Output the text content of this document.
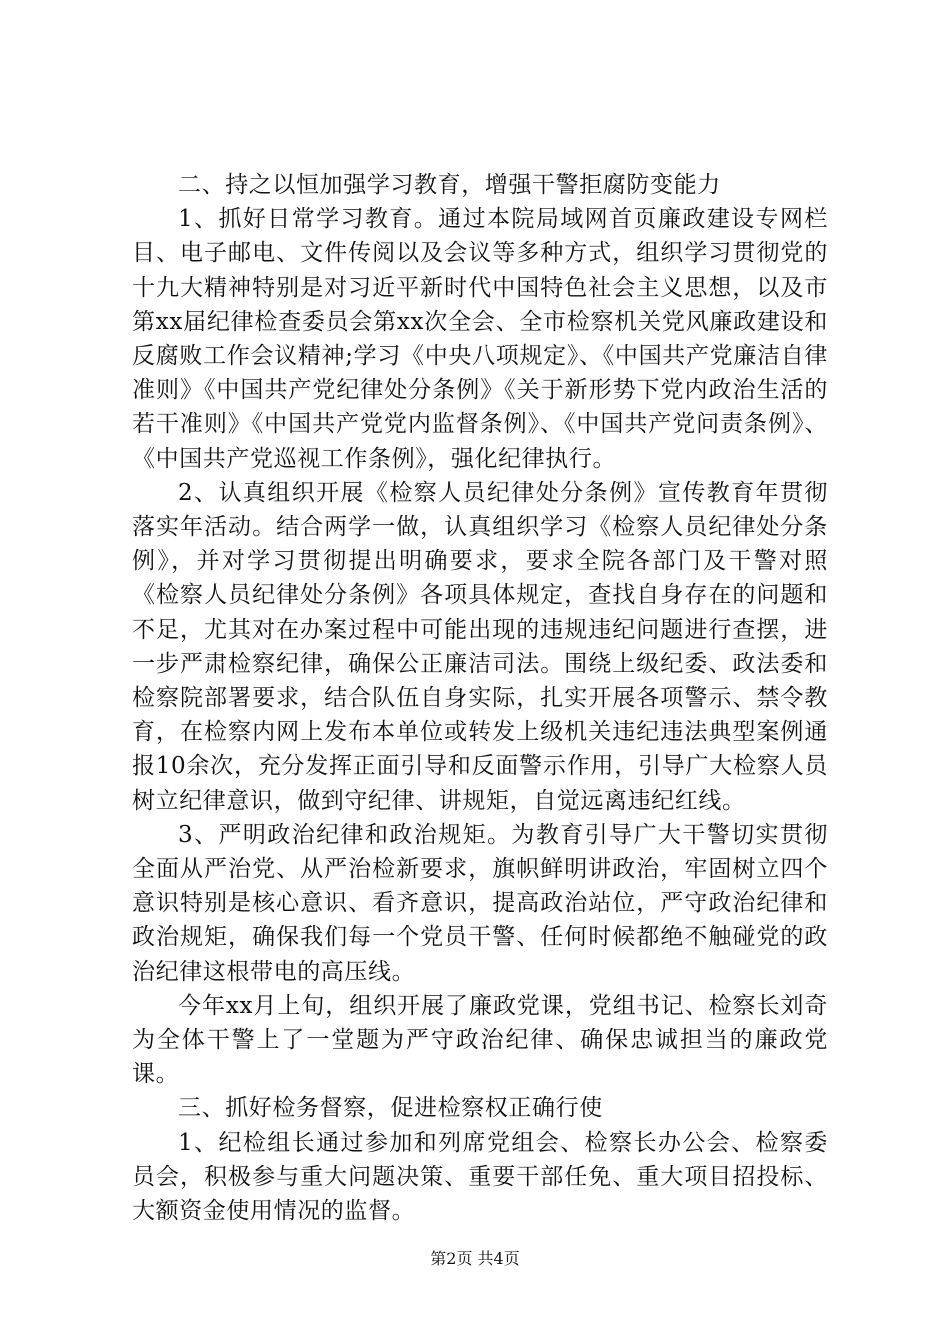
二、持之以恒加强学习教育，增强干警拒腐防变能力

1、抓好日常学习教育。通过本院局域网首页廉政建设专网栏目、电子邮电、文件传阅以及会议等多种方式，组织学习贯彻党的十九大精神特别是对习近平新时代中国特色社会主义思想，以及市第xx届纪律检查委员会第xx次全会、全市检察机关党风廉政建设和反腐败工作会议精神;学习《中央八项规定》、《中国共产党廉洁自律准则》《中国共产党纪律处分条例》《关于新形势下党内政治生活的若干准则》《中国共产党党内监督条例》、《中国共产党问责条例》、《中国共产党巡视工作条例》，强化纪律执行。

2、认真组织开展《检察人员纪律处分条例》宣传教育年贯彻落实年活动。结合两学一做，认真组织学习《检察人员纪律处分条例》，并对学习贯彻提出明确要求，要求全院各部门及干警对照《检察人员纪律处分条例》各项具体规定，查找自身存在的问题和不足，尤其对在办案过程中可能出现的违规违纪问题进行查摆，进一步严肃检察纪律，确保公正廉洁司法。围绕上级纪委、政法委和检察院部署要求，结合队伍自身实际，扎实开展各项警示、禁令教育，在检察内网上发布本单位或转发上级机关违纪违法典型案例通报10余次，充分发挥正面引导和反面警示作用，引导广大检察人员树立纪律意识，做到守纪律、讲规矩，自觉远离违纪红线。

3、严明政治纪律和政治规矩。为教育引导广大干警切实贯彻全面从严治党、从严治检新要求，旗帜鲜明讲政治，牢固树立四个意识特别是核心意识、看齐意识，提高政治站位，严守政治纪律和政治规矩，确保我们每一个党员干警、任何时候都绝不触碰党的政治纪律这根带电的高压线。

今年xx月上旬，组织开展了廉政党课，党组书记、检察长刘奇为全体干警上了一堂题为严守政治纪律、确保忠诚担当的廉政党课。

三、抓好检务督察，促进检察权正确行使

1、纪检组长通过参加和列席党组会、检察长办公会、检察委员会，积极参与重大问题决策、重要干部任免、重大项目招投标、大额资金使用情况的监督。

第2页 共4页
